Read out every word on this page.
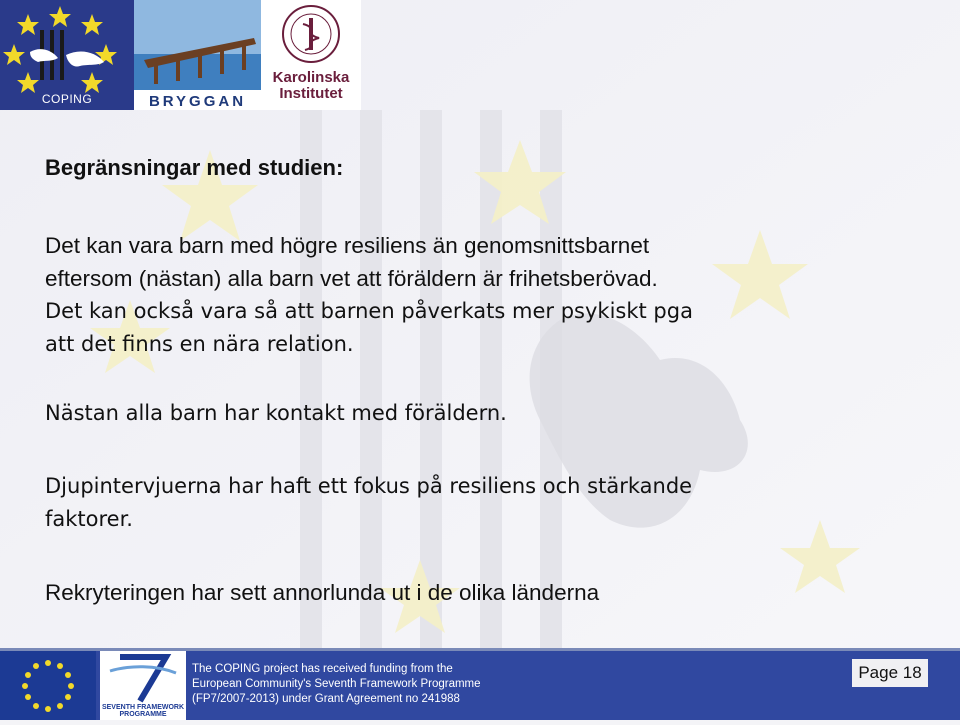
COPING	BRYGGAN
Karolinska
Institutet
Begränsningar med studien:
Det kan vara barn med högre resiliens än genomsnittsbarnet
eftersom (nästan) alla barn vet att föräldern är frihetsberövad.
Det kan också vara så att barnen påverkats mer psykiskt pga
att det finns en nära relation.
Nästan alla barn har kontakt med föräldern.
Djupintervjuerna har haft ett fokus på resiliens och stärkande
faktorer.
Rekryteringen har sett annorlunda ut i de olika länderna
SEVENTH FRAMEWORK PROGRAMME
The COPING project has received funding from the
European Community's Seventh Framework Programme
(FP7/2007-2013) under Grant Agreement no 241988
Page 18
